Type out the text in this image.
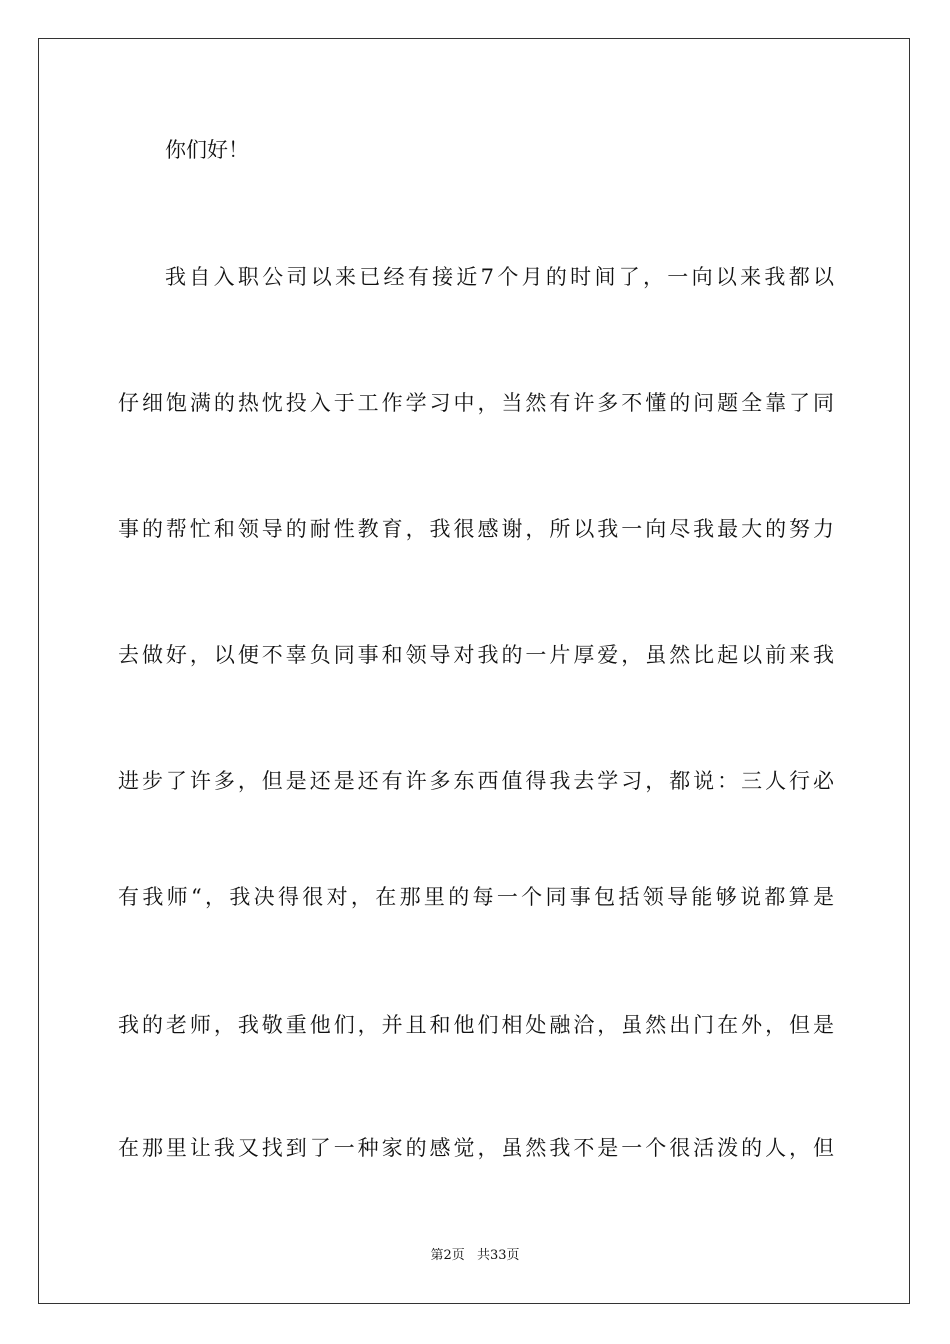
你们好！
我自入职公司以来已经有接近7个月的时间了，一向以来我都以
仔细饱满的热忱投入于工作学习中，当然有许多不懂的问题全靠了同
事的帮忙和领导的耐性教育，我很感谢，所以我一向尽我最大的努力
去做好，以便不辜负同事和领导对我的一片厚爱，虽然比起以前来我
进步了许多，但是还是还有许多东西值得我去学习，都说：三人行必
有我师“，我决得很对，在那里的每一个同事包括领导能够说都算是
我的老师，我敬重他们，并且和他们相处融洽，虽然出门在外，但是
在那里让我又找到了一种家的感觉，虽然我不是一个很活泼的人，但
第2页 共33页
